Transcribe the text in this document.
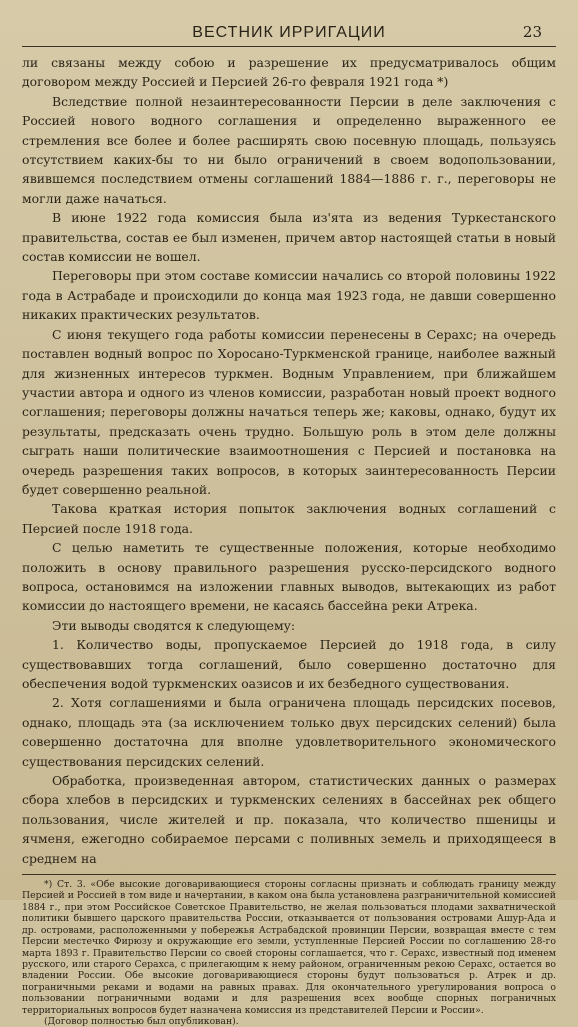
ВЕСТНИК ИРРИГАЦИИ	23

ли связаны между собою и разрешение их предусматривалось общим договором между Россией и Персией 26-го февраля 1921 года *)

Вследствие полной незаинтересованности Персии в деле заключения с Россией нового водного соглашения и определенно выраженного ее стремления все более и более расширять свою посевную площадь, пользуясь отсутствием каких-бы то ни было ограничений в своем водопользовании, явившемся последствием отмены соглашений 1884—1886 г. г., переговоры не могли даже начаться.

В июне 1922 года комиссия была из'ята из ведения Туркестанского правительства, состав ее был изменен, причем автор настоящей статьи в новый состав комиссии не вошел.

Переговоры при этом составе комиссии начались со второй половины 1922 года в Астрабаде и происходили до конца мая 1923 года, не давши совершенно никаких практических результатов.

С июня текущего года работы комиссии перенесены в Серахс; на очередь поставлен водный вопрос по Хоросано-Туркменской границе, наиболее важный для жизненных интересов туркмен. Водным Управлением, при ближайшем участии автора и одного из членов комиссии, разработан новый проект водного соглашения; переговоры должны начаться теперь же; каковы, однако, будут их результаты, предсказать очень трудно. Большую роль в этом деле должны сыграть наши политические взаимоотношения с Персией и постановка на очередь разрешения таких вопросов, в которых заинтересованность Персии будет совершенно реальной.

Такова краткая история попыток заключения водных соглашений с Персией после 1918 года.

С целью наметить те существенные положения, которые необходимо положить в основу правильного разрешения русско-персидского водного вопроса, остановимся на изложении главных выводов, вытекающих из работ комиссии до настоящего времени, не касаясь бассейна реки Атрека.

Эти выводы сводятся к следующему:

1. Количество воды, пропускаемое Персией до 1918 года, в силу существовавших тогда соглашений, было совершенно достаточно для обеспечения водой туркменских оазисов и их безбедного существования.

2. Хотя соглашениями и была ограничена площадь персидских посевов, однако, площадь эта (за исключением только двух персидских селений) была совершенно достаточна для вполне удовлетворительного экономического существования персидских селений.

Обработка, произведенная автором, статистических данных о размерах сбора хлебов в персидских и туркменских селениях в бассейнах рек общего пользования, числе жителей и пр. показала, что количество пшеницы и ячменя, ежегодно собираемое персами с поливных земель и приходящееся в среднем на

*) Ст. 3. «Обе высокие договаривающиеся стороны согласны признать и соблюдать границу между Персией и Россией в том виде и начертании, в каком она была установлена разграничительной комиссией 1884 г., при этом Российское Советское Правительство, не желая пользоваться плодами захватнической политики бывшего царского правительства России, отказывается от пользования островами Ашур-Ада и др. островами, расположенными у побережья Астрабадской провинции Персии, возвращая вместе с тем Персии местечко Фирюзу и окружающие его земли, уступленные Персией России по соглашению 28-го марта 1893 г. Правительство Персии со своей стороны соглашается, что г. Серахс, известный под именем русского, или старого Серахса, с прилегающим к нему районом, ограниченным рекою Серахс, остается во владении России. Обе высокие договаривающиеся стороны будут пользоваться р. Атрек и др. пограничными реками и водами на равных правах. Для окончательного урегулирования вопроса о пользовании пограничными водами и для разрешения всех вообще спорных пограничных территориальных вопросов будет назначена комиссия из представителей Персии и России».

(Договор полностью был опубликован).
